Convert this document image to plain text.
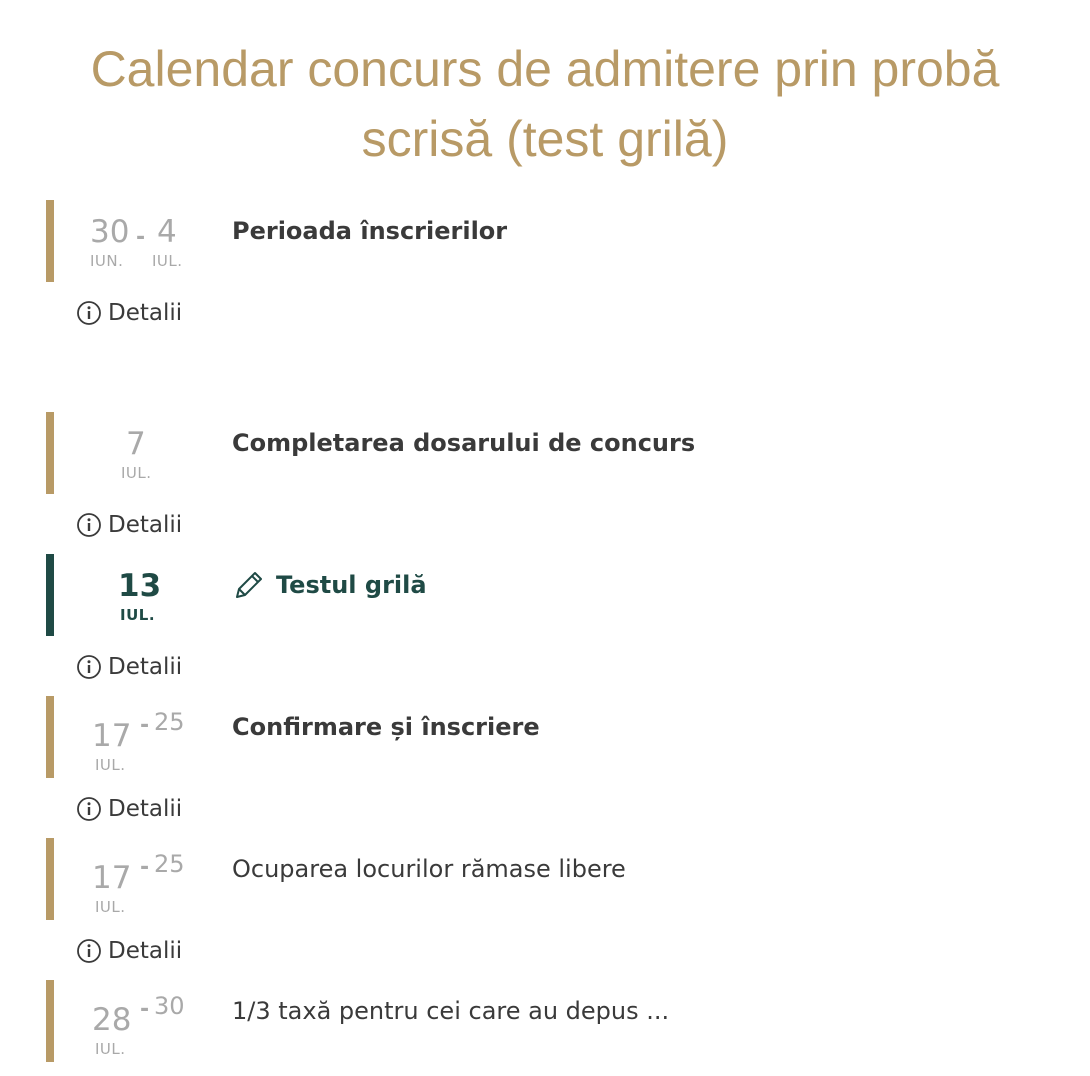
Calendar concurs de admitere prin probă scrisă (test grilă)
30 - 4
IUN. IUL.
Perioada înscrierilor
Detalii
7
IUL.
Completarea dosarului de concurs
Detalii
13
IUL.
Testul grilă
Detalii
17 - 25
IUL.
Confirmare și înscriere
Detalii
17 - 25
IUL.
Ocuparea locurilor rămase libere
Detalii
28 - 30
IUL.
1/3 taxă pentru cei care au depus ...
